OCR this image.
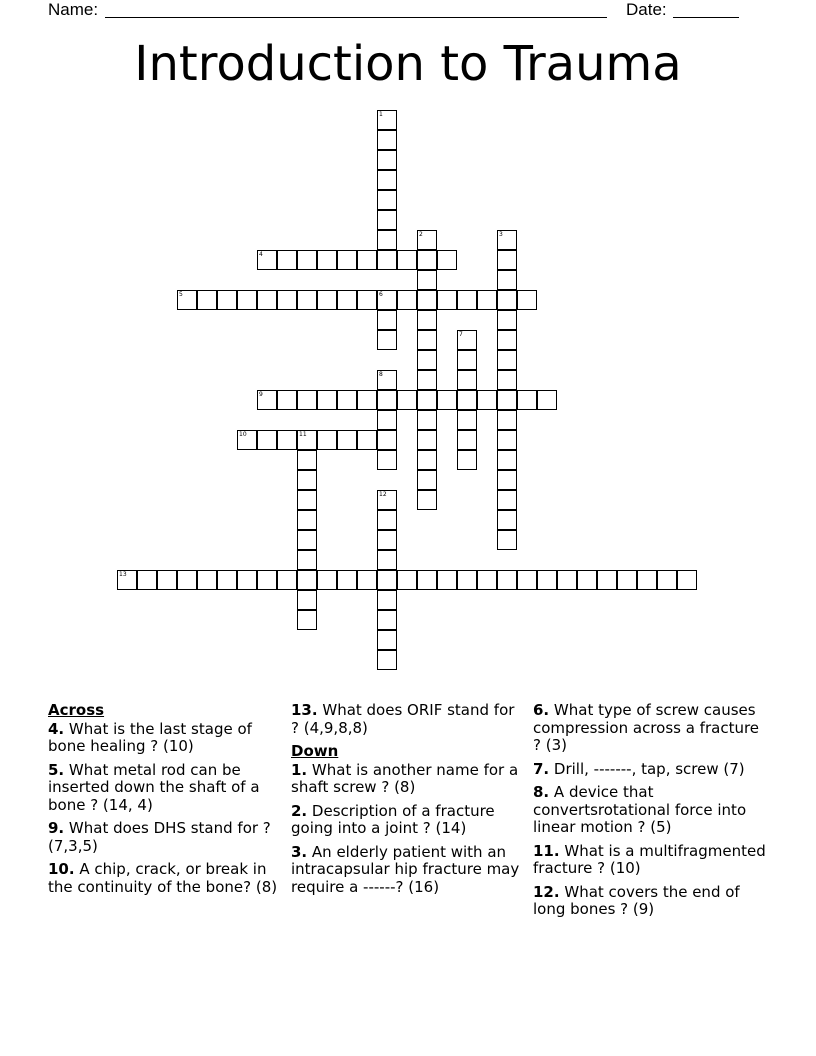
Name:	Date:
Introduction to Trauma
1
2	3
4
5	6
7
8
9
10	11
12
13

Across

4. What is the last stage of bone healing ? (10)

5. What metal rod can be inserted down the shaft of a bone ? (14, 4)

9. What does DHS stand for ? (7,3,5)

10. A chip, crack, or break in the continuity of the bone? (8)

13. What does ORIF stand for ? (4,9,8,8)

Down

1. What is another name for a shaft screw ? (8)

2. Description of a fracture going into a joint ? (14)

3. An elderly patient with an intracapsular hip fracture may require a ------? (16)

6. What type of screw causes compression across a fracture ? (3)

7. Drill, -------, tap, screw (7)

8. A device that convertsrotational force into linear motion ? (5)

11. What is a multifragmented fracture ? (10)

12. What covers the end of long bones ? (9)
